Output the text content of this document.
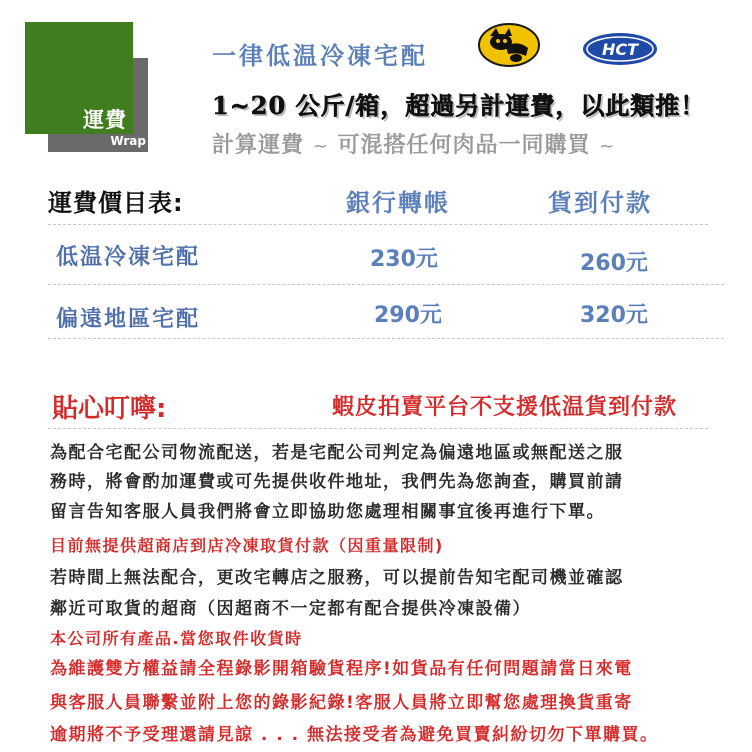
運費
Wrap
一律低温冷凍宅配
1~20 公斤/箱，超過另計運費，以此類推！
計算運費 ~ 可混搭任何肉品一同購買 ~
HCT
運費價目表:	銀行轉帳	貨到付款
低温冷凍宅配	230元	260元
偏遠地區宅配	290元	320元
貼心叮嚀:	蝦皮拍賣平台不支援低温貨到付款
為配合宅配公司物流配送，若是宅配公司判定為偏遠地區或無配送之服
務時，將會酌加運費或可先提供收件地址，我們先為您詢查，購買前請
留言告知客服人員我們將會立即協助您處理相關事宜後再進行下單。
目前無提供超商店到店冷凍取貨付款（因重量限制)
若時間上無法配合，更改宅轉店之服務，可以提前告知宅配司機並確認
鄰近可取貨的超商（因超商不一定都有配合提供冷凍設備）
本公司所有產品.當您取件收貨時
為維護雙方權益請全程錄影開箱驗貨程序!如貨品有任何問題請當日來電
與客服人員聯繫並附上您的錄影紀錄!客服人員將立即幫您處理換貨重寄
逾期將不予受理還請見諒 . . . 無法接受者為避免買賣糾紛切勿下單購買。
